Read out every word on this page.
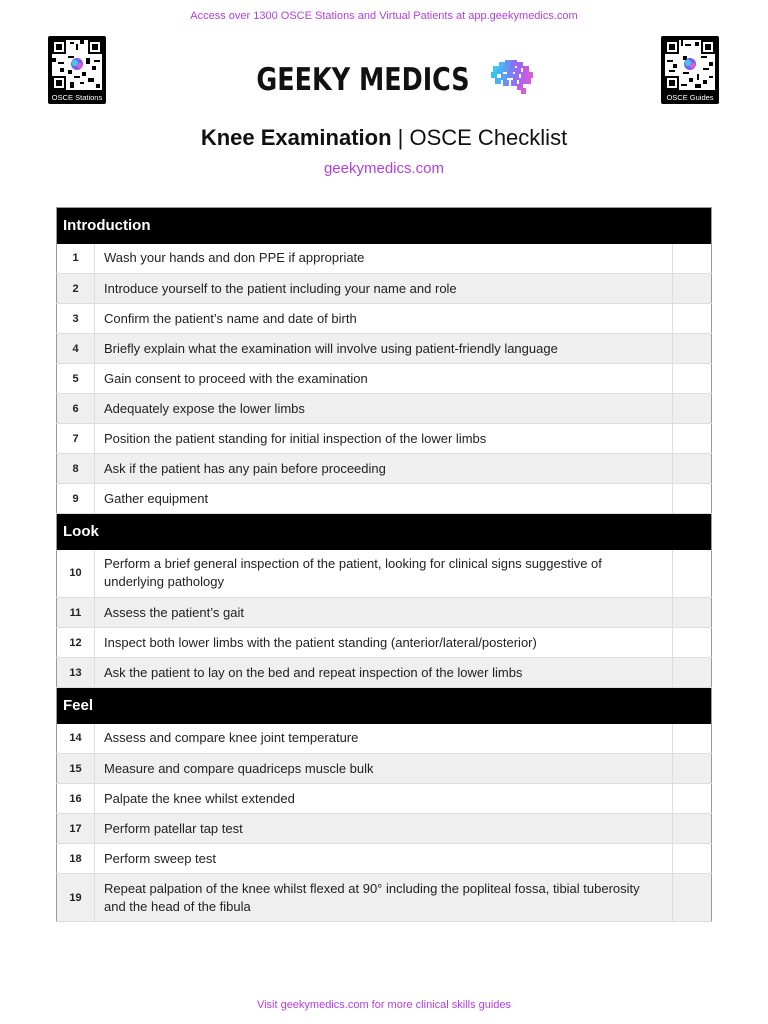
Access over 1300 OSCE Stations and Virtual Patients at app.geekymedics.com
OSCE Stations	OSCE Guides
GEEKY MEDICS
Knee Examination | OSCE Checklist
geekymedics.com
Introduction		
1	Wash your hands and don PPE if appropriate	
2	Introduce yourself to the patient including your name and role	
3	Confirm the patient’s name and date of birth	
4	Briefly explain what the examination will involve using patient-friendly language	
5	Gain consent to proceed with the examination	
6	Adequately expose the lower limbs	
7	Position the patient standing for initial inspection of the lower limbs	
8	Ask if the patient has any pain before proceeding	
9	Gather equipment	
Look		
10	Perform a brief general inspection of the patient, looking for clinical signs suggestive of underlying pathology	
11	Assess the patient’s gait	
12	Inspect both lower limbs with the patient standing (anterior/lateral/posterior)	
13	Ask the patient to lay on the bed and repeat inspection of the lower limbs	
Feel		
14	Assess and compare knee joint temperature	
15	Measure and compare quadriceps muscle bulk	
16	Palpate the knee whilst extended	
17	Perform patellar tap test	
18	Perform sweep test	
19	Repeat palpation of the knee whilst flexed at 90° including the popliteal fossa, tibial tuberosity and the head of the fibula	
Visit geekymedics.com for more clinical skills guides
